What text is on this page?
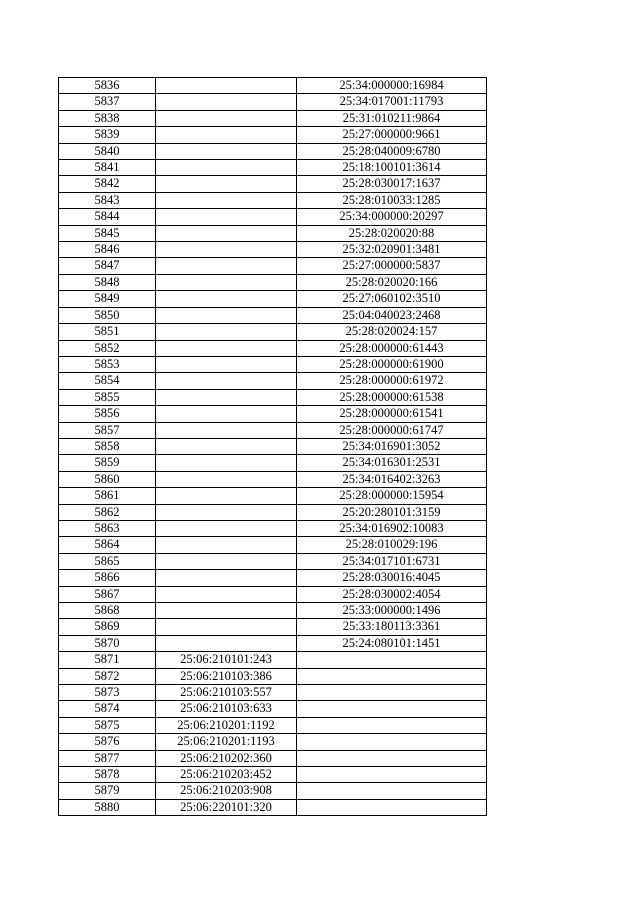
5836		25:34:000000:16984
5837		25:34:017001:11793
5838		25:31:010211:9864
5839		25:27:000000:9661
5840		25:28:040009:6780
5841		25:18:100101:3614
5842		25:28:030017:1637
5843		25:28:010033:1285
5844		25:34:000000:20297
5845		25:28:020020:88
5846		25:32:020901:3481
5847		25:27:000000:5837
5848		25:28:020020:166
5849		25:27:060102:3510
5850		25:04:040023:2468
5851		25:28:020024:157
5852		25:28:000000:61443
5853		25:28:000000:61900
5854		25:28:000000:61972
5855		25:28:000000:61538
5856		25:28:000000:61541
5857		25:28:000000:61747
5858		25:34:016901:3052
5859		25:34:016301:2531
5860		25:34:016402:3263
5861		25:28:000000:15954
5862		25:20:280101:3159
5863		25:34:016902:10083
5864		25:28:010029:196
5865		25:34:017101:6731
5866		25:28:030016:4045
5867		25:28:030002:4054
5868		25:33:000000:1496
5869		25:33:180113:3361
5870		25:24:080101:1451
5871	25:06:210101:243	
5872	25:06:210103:386	
5873	25:06:210103:557	
5874	25:06:210103:633	
5875	25:06:210201:1192	
5876	25:06:210201:1193	
5877	25:06:210202:360	
5878	25:06:210203:452	
5879	25:06:210203:908	
5880	25:06:220101:320	
